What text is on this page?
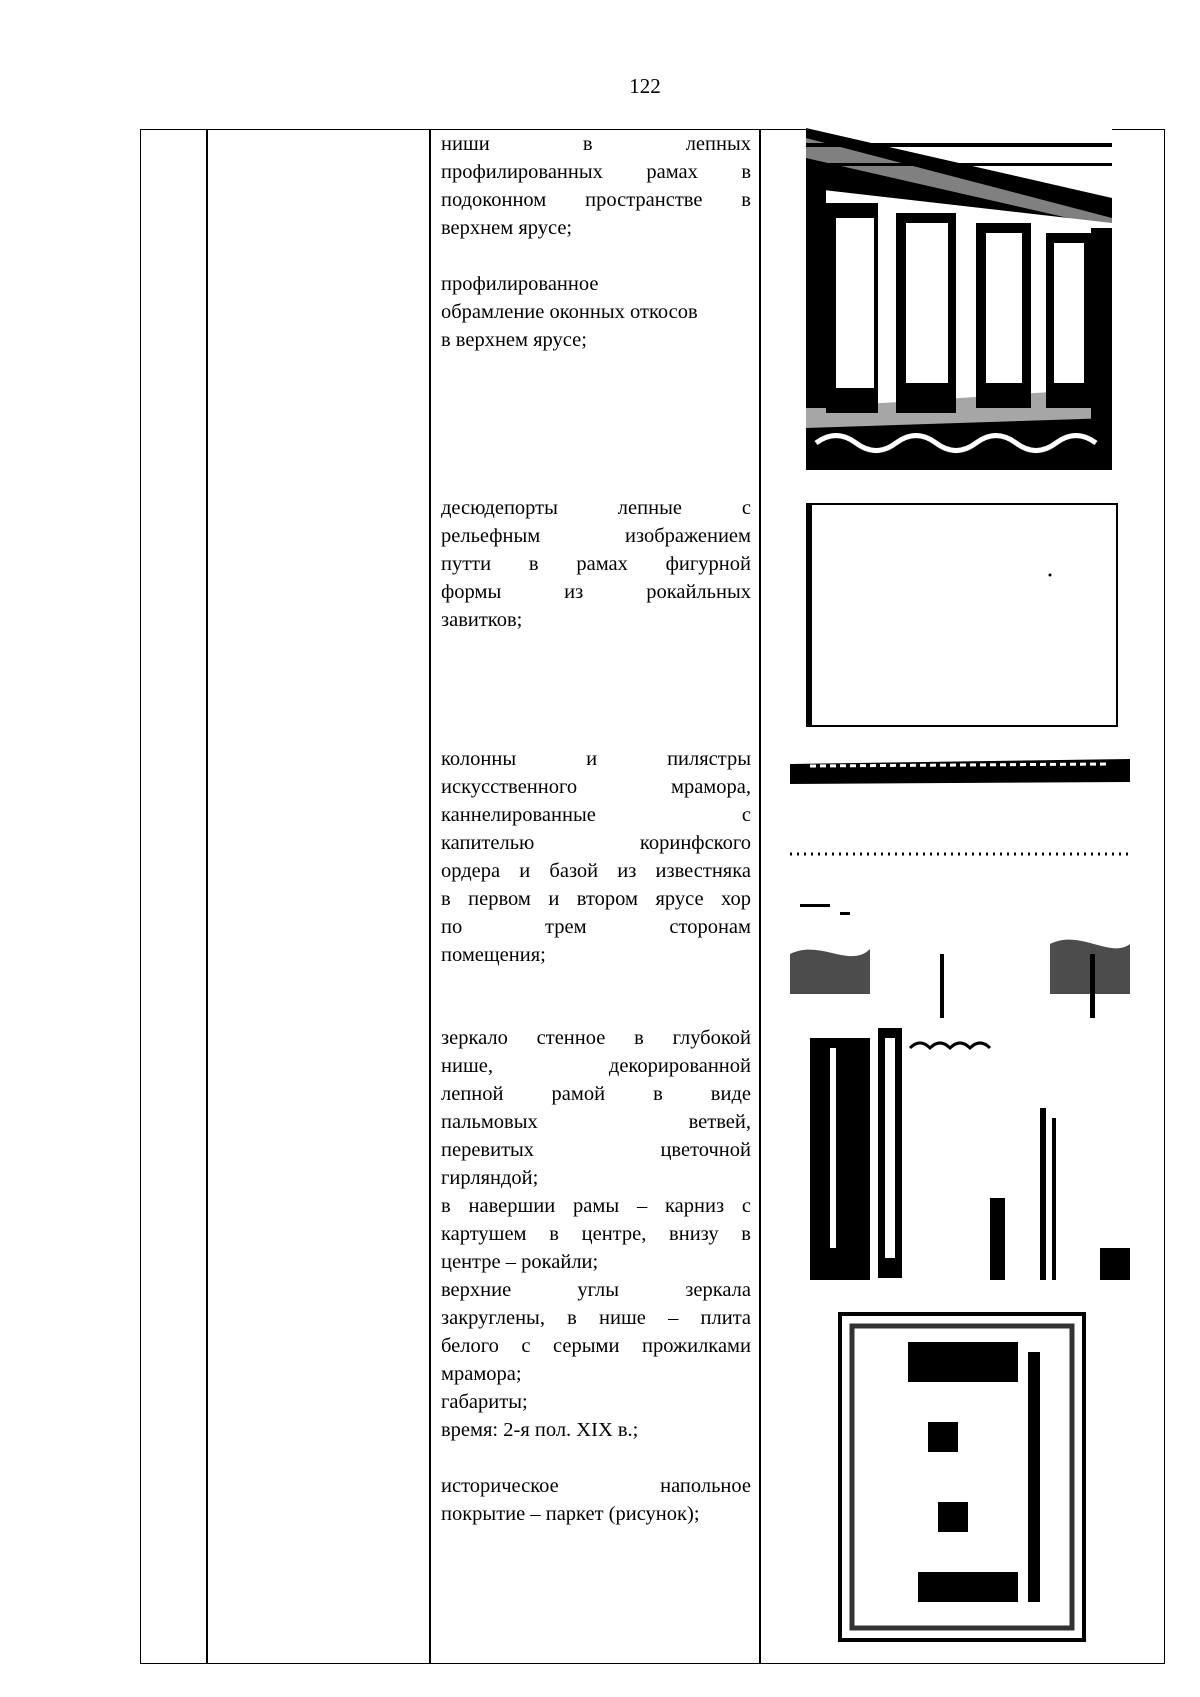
122

ниши в лепных

профилированных рамах в

подоконном пространстве в

верхнем ярусе;

профилированное

обрамление оконных откосов

в верхнем ярусе;

десюдепорты лепные с

рельефным изображением

путти в рамах фигурной

формы из рокайльных

завитков;

колонны и пилястры

искусственного мрамора,

каннелированные с

капителью коринфского

ордера и базой из известняка

в первом и втором ярусе хор

по трем сторонам

помещения;

зеркало стенное в глубокой

нише, декорированной

лепной рамой в виде

пальмовых ветвей,

перевитых цветочной

гирляндой;

в навершии рамы – карниз с

картушем в центре, внизу в

центре – рокайли;

верхние углы зеркала

закруглены, в нише – плита

белого с серыми прожилками

мрамора;

габариты;

время: 2-я пол. XIX в.;

историческое напольное

покрытие – паркет (рисунок);
